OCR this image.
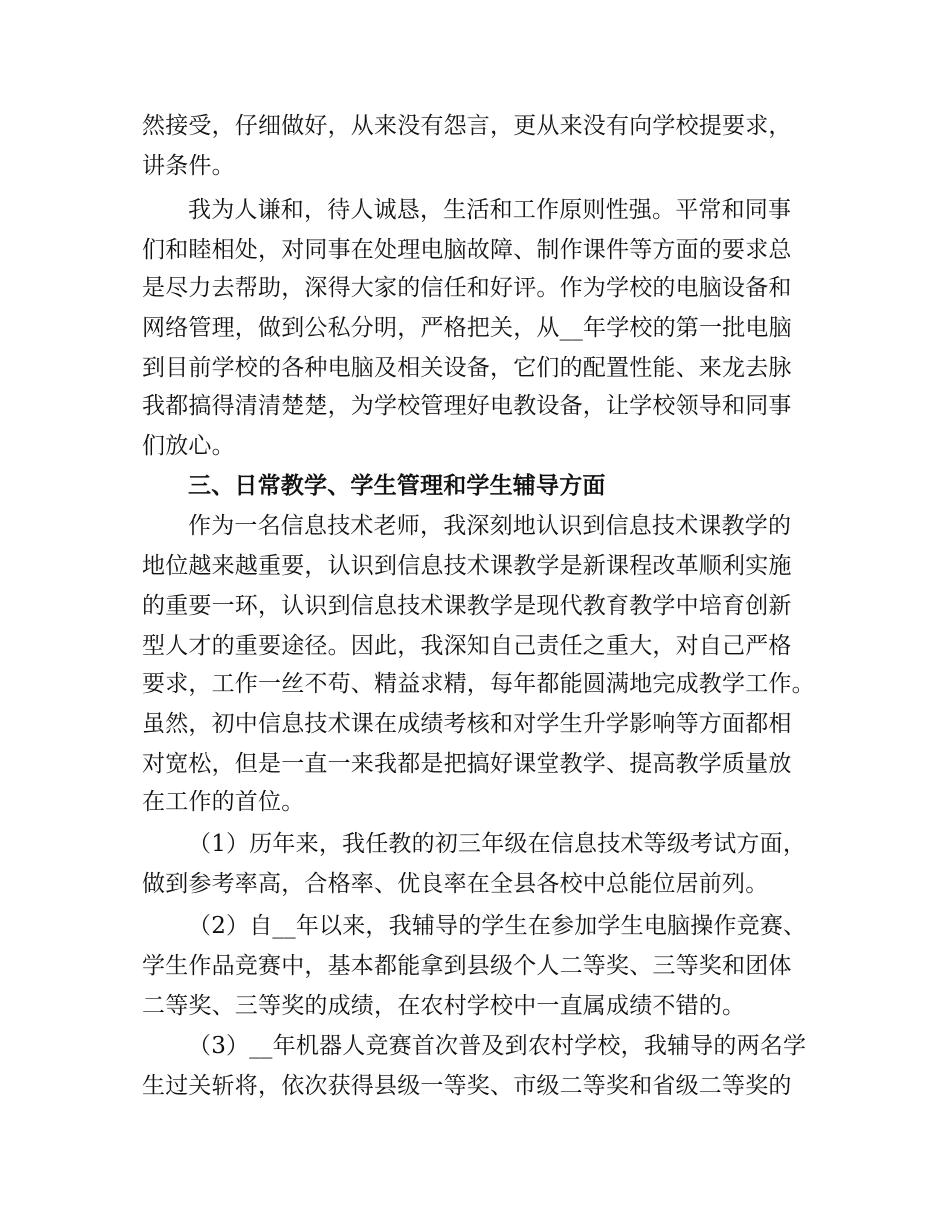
然接受，仔细做好，从来没有怨言，更从来没有向学校提要求，
讲条件。
我为人谦和，待人诚恳，生活和工作原则性强。平常和同事
们和睦相处，对同事在处理电脑故障、制作课件等方面的要求总
是尽力去帮助，深得大家的信任和好评。作为学校的电脑设备和
网络管理，做到公私分明，严格把关，从__年学校的第一批电脑
到目前学校的各种电脑及相关设备，它们的配置性能、来龙去脉
我都搞得清清楚楚，为学校管理好电教设备，让学校领导和同事
们放心。
三、日常教学、学生管理和学生辅导方面
作为一名信息技术老师，我深刻地认识到信息技术课教学的
地位越来越重要，认识到信息技术课教学是新课程改革顺利实施
的重要一环，认识到信息技术课教学是现代教育教学中培育创新
型人才的重要途径。因此，我深知自己责任之重大，对自己严格
要求，工作一丝不苟、精益求精，每年都能圆满地完成教学工作。
虽然，初中信息技术课在成绩考核和对学生升学影响等方面都相
对宽松，但是一直一来我都是把搞好课堂教学、提高教学质量放
在工作的首位。
（1）历年来，我任教的初三年级在信息技术等级考试方面，
做到参考率高，合格率、优良率在全县各校中总能位居前列。
（2）自__年以来，我辅导的学生在参加学生电脑操作竞赛、
学生作品竞赛中，基本都能拿到县级个人二等奖、三等奖和团体
二等奖、三等奖的成绩，在农村学校中一直属成绩不错的。
（3）__年机器人竞赛首次普及到农村学校，我辅导的两名学
生过关斩将，依次获得县级一等奖、市级二等奖和省级二等奖的
